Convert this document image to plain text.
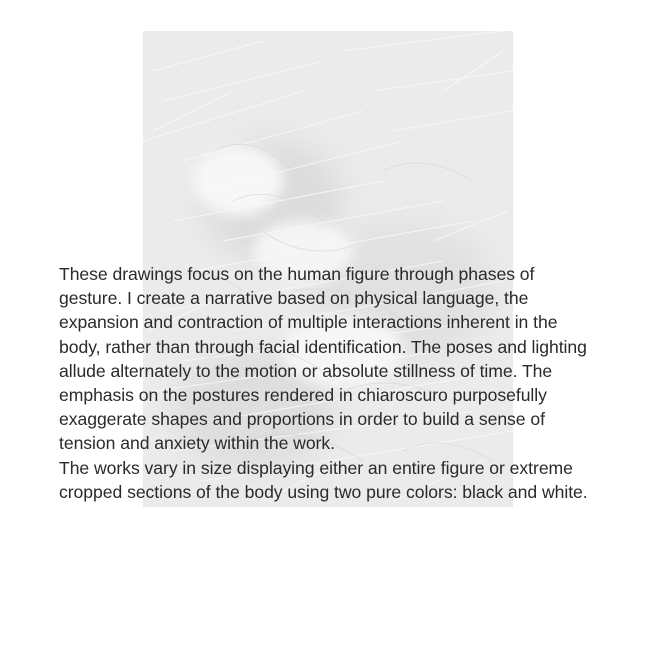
These drawings focus on the human figure through phases of gesture. I create a narrative based on physical language, the expansion and contraction of multiple interactions inherent in the body, rather than through facial identification. The poses and lighting allude alternately to the motion or absolute stillness of time. The emphasis on the postures rendered in chiaroscuro purposefully exaggerate shapes and proportions in order to build a sense of tension and anxiety within the work.

The works vary in size displaying either an entire figure or extreme cropped sections of the body using two pure colors: black and white.
